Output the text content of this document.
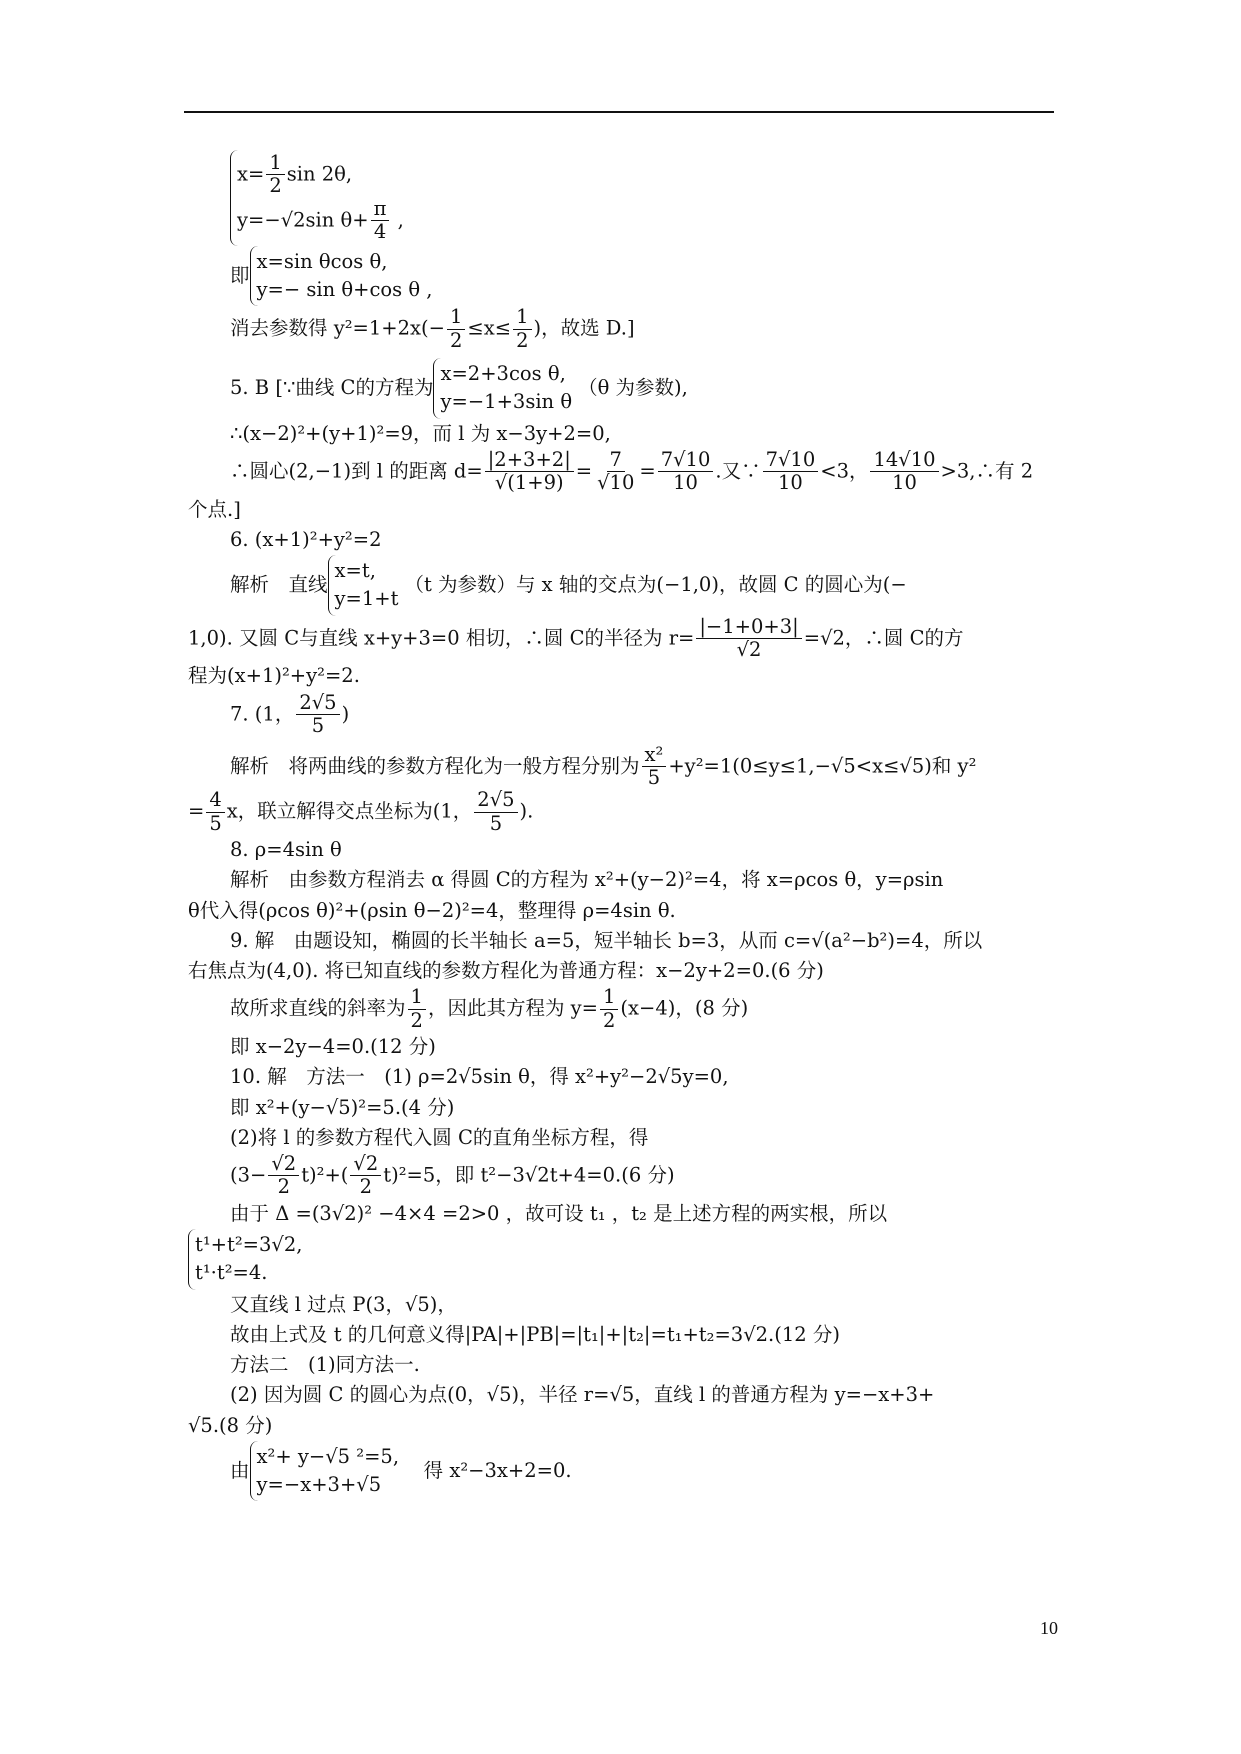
$x= \frac{1}{2}$ sin 2θ,
y=−√2sin $\theta+ \frac{\pi}{4}$ ,
即
x=sin θcos θ,
y=− sin θ+cos θ ,
消去参数得 $y^2=1+2x(- \frac{1}{2} \le x\le \frac{1}{2}$ )，故选 D.]
5. B [∵曲线 C的方程为
x=2+3cos θ,
y=−1+3sin θ
（θ 为参数),
∴(x−2)²+(y+1)²=9，而 l 为 x−3y+2=0,
∴圆心(2,−1)到 l 的距离 $d= \frac{|2+3+2|}{√(1+9)} = \frac{7}{√10} = \frac{7√10}{10}$ .又∵ $\frac{7√10}{10} <3$， $\frac{14√10}{10}$ >3,∴有 2
个点.]
6. (x+1)²+y²=2
解析　直线
x=t,
y=1+t
（t 为参数）与 x 轴的交点为(−1,0)，故圆 C 的圆心为(−
1,0). 又圆 C与直线 x+y+3=0 相切，∴圆 C的半径为 $r= \frac{|-1+0+3|}{√2} =√2$，∴圆 C的方
程为(x+1)²+y²=2.
7. (1， $\frac{2√5}{5}$ )
解析　将两曲线的参数方程化为一般方程分别为 $\frac{\text{x²}}{5} +y^2=1(0\le y\le 1,-√5<x\le√5)$和 y²
= $\frac{4}{5}$ x，联立解得交点坐标为(1， $\frac{2√5}{5}$ ).
8. ρ=4sin θ
解析　由参数方程消去 α 得圆 C的方程为 x²+(y−2)²=4，将 x=ρcos θ，y=ρsin
θ代入得(ρcos θ)²+(ρsin θ−2)²=4，整理得 ρ=4sin θ.
9. 解　由题设知，椭圆的长半轴长 a=5，短半轴长 b=3，从而 c=√(a²−b²)=4，所以
右焦点为(4,0). 将已知直线的参数方程化为普通方程：x−2y+2=0.(6 分)
故所求直线的斜率为 $\frac{1}{2}$ ，因此其方程为 $y= \frac{1}{2} (x-4)$，(8 分)
即 x−2y−4=0.(12 分)
10. 解　方法一　(1) ρ=2√5sin θ，得 x²+y²−2√5y=0,
即 x²+(y−√5)²=5.(4 分)
(2)将 l 的参数方程代入圆 C的直角坐标方程，得
$(3- \frac{√2}{2} t)^2+( \frac{√2}{2} t)^2=5$，即 t²−3√2t+4=0.(6 分)
由于 Δ =(3√2)² −4×4 =2>0 ，故可设 t₁ ，t₂ 是上述方程的两实根，所以
t¹+t²=3√2,
t¹·t²=4.
又直线 l 过点 P(3，√5)，
故由上式及 t 的几何意义得|PA|+|PB|=|t₁|+|t₂|=t₁+t₂=3√2.(12 分)
方法二　(1)同方法一.
(2) 因为圆 C 的圆心为点(0，√5)，半径 r=√5，直线 l 的普通方程为 y=−x+3+
√5.(8 分)
由
x²+ y−√5 ²=5,
y=−x+3+√5
得 x²−3x+2=0.
10
